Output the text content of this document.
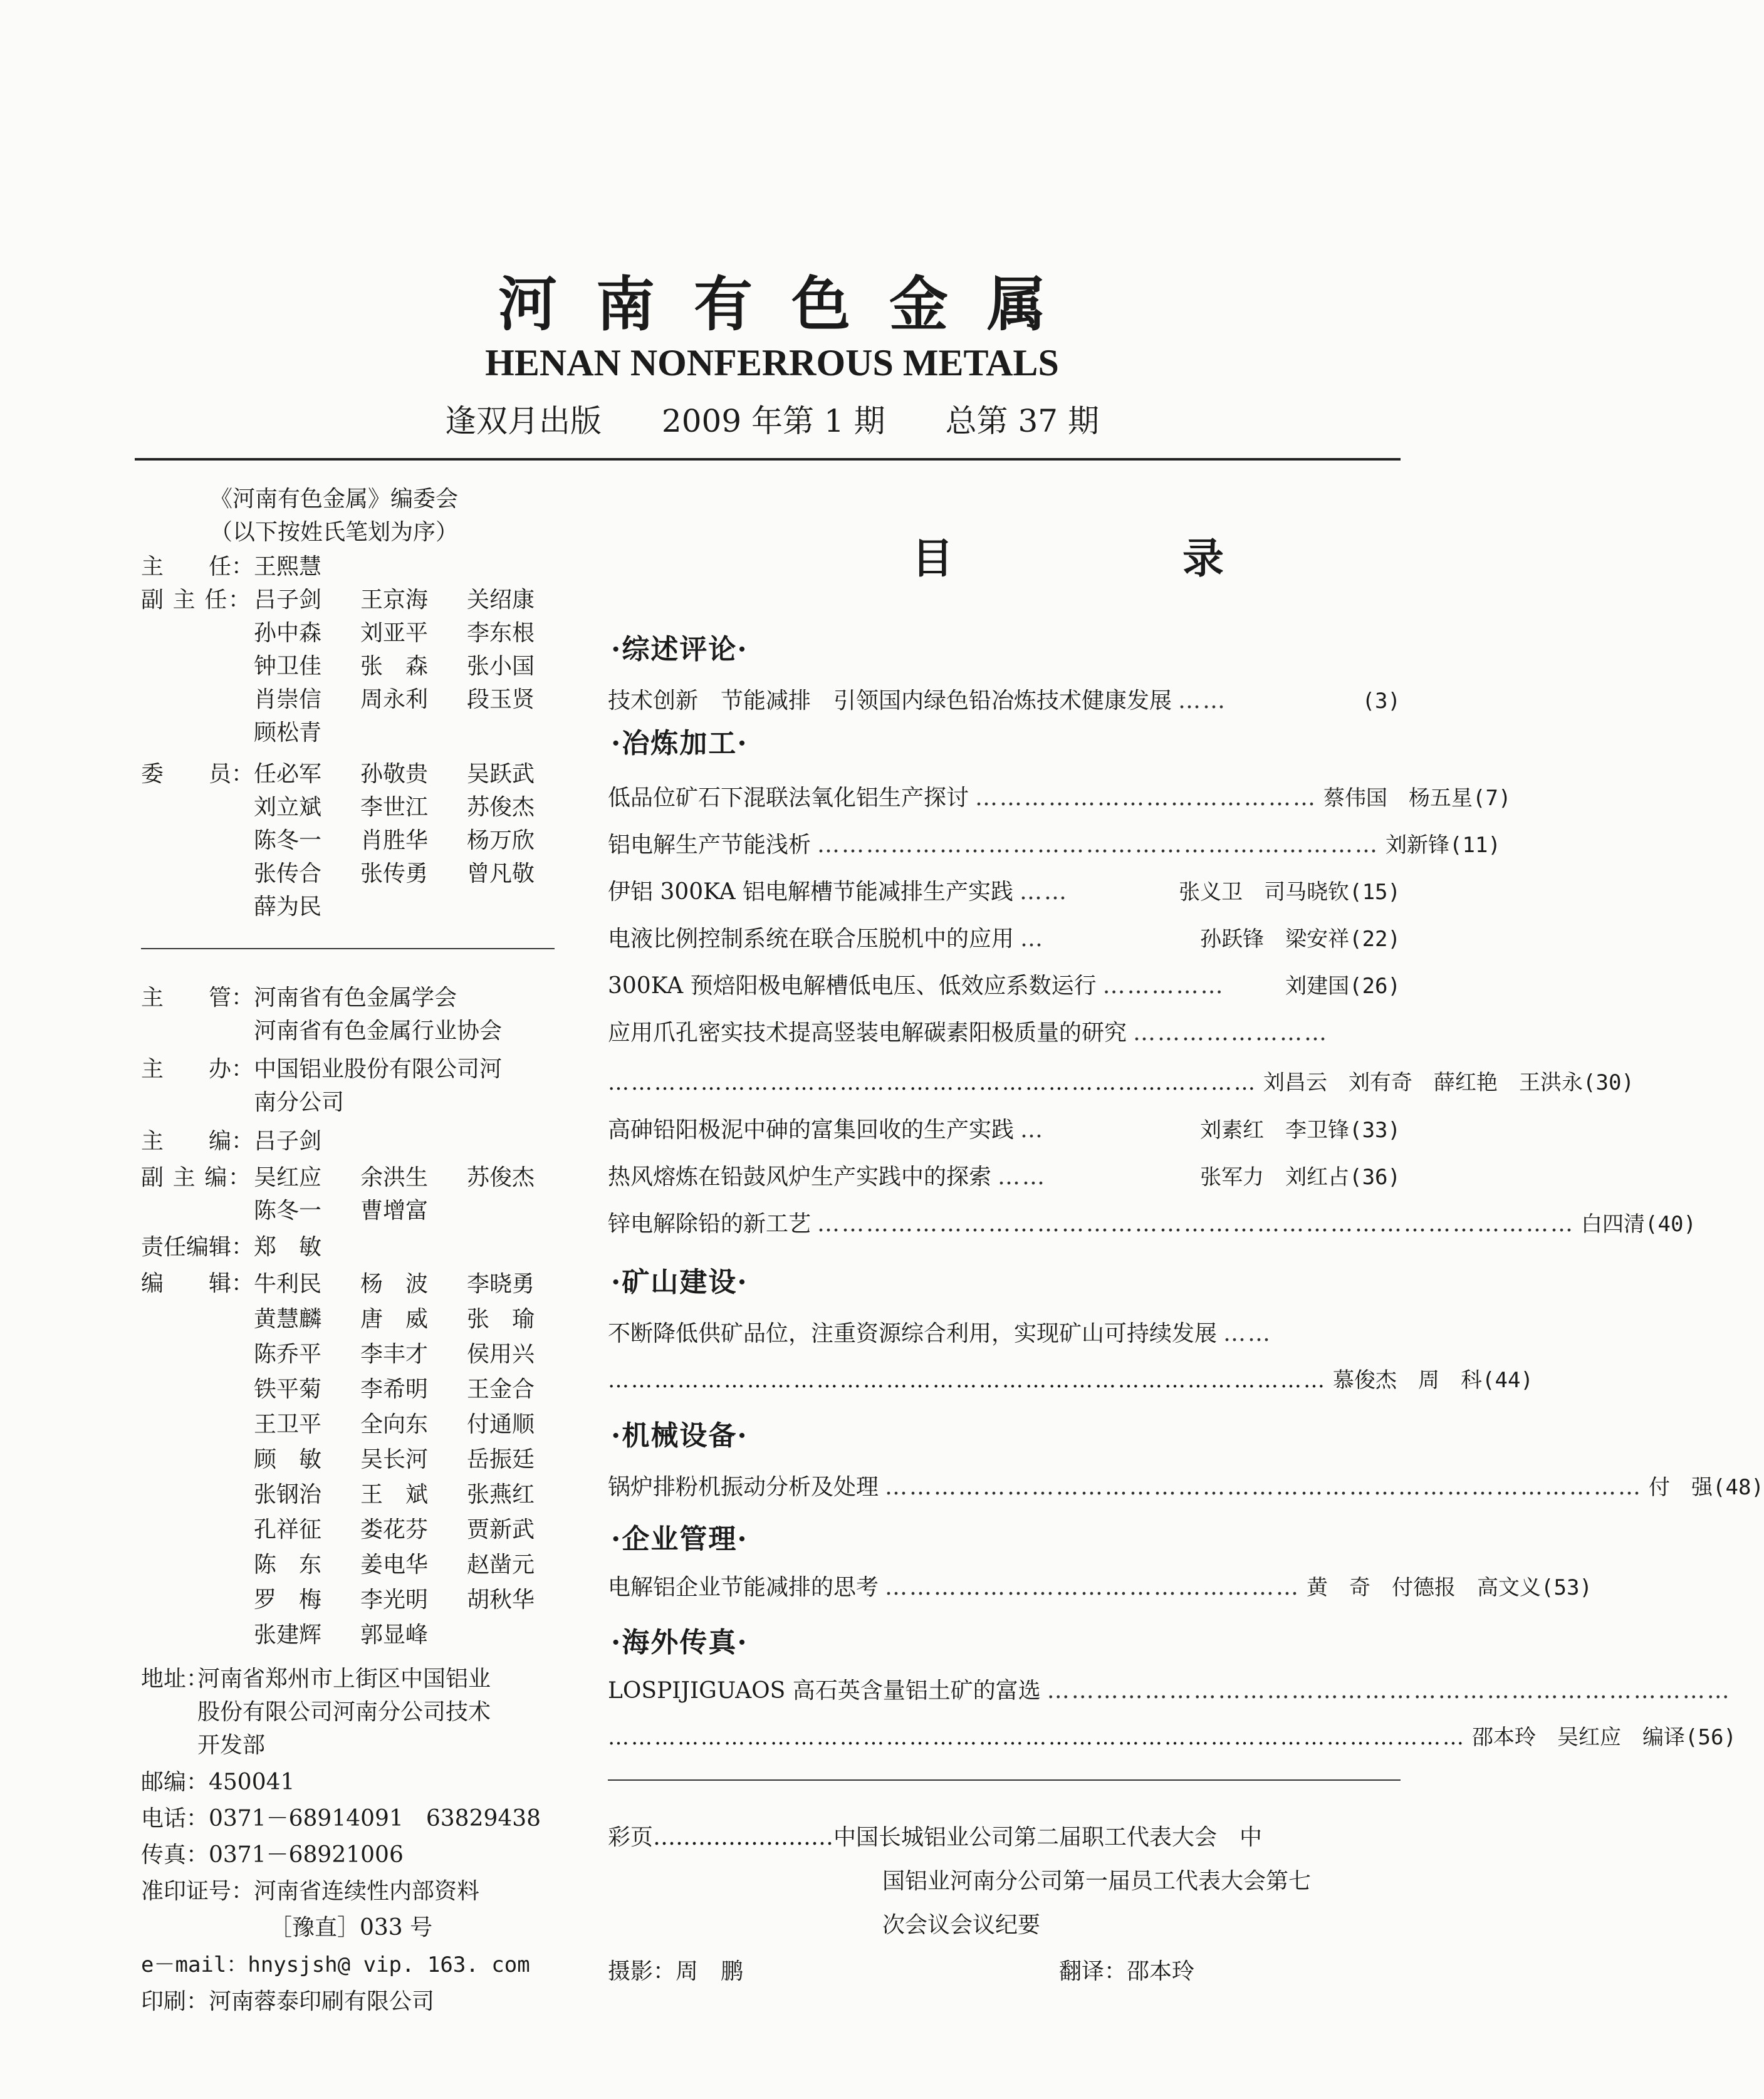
河南有色金属
HENAN NONFERROUS METALS
逢双月出版 2009 年第 1 期 总第 37 期
《河南有色金属》编委会
（以下按姓氏笔划为序）
主　　任： 王熙慧
副 主 任： 吕子剑 王京海 关绍康
孙中森 刘亚平 李东根
钟卫佳 张　森 张小国
肖崇信 周永利 段玉贤
顾松青
委　　员： 任必军 孙敬贵 吴跃武
刘立斌 李世江 苏俊杰
陈冬一 肖胜华 杨万欣
张传合 张传勇 曾凡敬
薛为民
主　　管： 河南省有色金属学会
河南省有色金属行业协会
主　　办： 中国铝业股份有限公司河
南分公司
主　　编： 吕子剑
副 主 编： 吴红应 余洪生 苏俊杰
陈冬一 曹增富
责任编辑： 郑　敏
编　　辑： 牛利民 杨　波 李晓勇
黄慧麟 唐　威 张　瑜
陈乔平 李丰才 侯用兴
铁平菊 李希明 王金合
王卫平 全向东 付通顺
顾　敏 吴长河 岳振廷
张钢治 王　斌 张燕红
孔祥征 娄花芬 贾新武
陈　东 姜电华 赵凿元
罗　梅 李光明 胡秋华
张建辉 郭显峰
地址：
河南省郑州市上街区中国铝业
股份有限公司河南分公司技术
开发部
邮编：450041
电话：0371－68914091　63829438
传真：0371－68921006
准印证号：河南省连续性内部资料
［豫直］033 号
e－mail：hnysjsh@ vip. 163. com
印刷：河南蓉泰印刷有限公司
目　录
·综述评论·
技术创新　节能减排　引领国内绿色铅冶炼技术健康发展 ……	(3)
·冶炼加工·
低品位矿石下混联法氧化铝生产探讨 …………………………………… 蔡伟国　杨五星 (7)
铝电解生产节能浅析 …………………………………………………………… 刘新锋 (11)
伊铝 300KA 铝电解槽节能减排生产实践 ……	张义卫　司马晓钦 (15)
电液比例控制系统在联合压脱机中的应用 …	孙跃锋　梁安祥 (22)
300KA 预焙阳极电解槽低电压、低效应系数运行 ……………	刘建国 (26)
应用爪孔密实技术提高竖装电解碳素阳极质量的研究 ……………………
………………………………………………………………………… 刘昌云　刘有奇　薛红艳　王洪永 (30)
高砷铅阳极泥中砷的富集回收的生产实践 …	刘素红　李卫锋 (33)
热风熔炼在铅鼓风炉生产实践中的探索 ……	张军力　刘红占 (36)
锌电解除铅的新工艺 ………………………………………………………………………………… 白四清 (40)
·矿山建设·
不断降低供矿品位，注重资源综合利用，实现矿山可持续发展 ……
………………………………………………………………………………… 慕俊杰　周　科 (44)
·机械设备·
锅炉排粉机振动分析及处理 ………………………………………………………………………………… 付　强 (48)
·企业管理·
电解铝企业节能减排的思考 …………………………………………… 黄　奇　付德报　高文义 (53)
·海外传真·
LOSPIJIGUAOS 高石英含量铝土矿的富选 …………………………………………………………………………
………………………………………………………………………………………………… 邵本玲　吴红应　编译 (56)
彩页……………………中国长城铝业公司第二届职工代表大会　中
国铝业河南分公司第一届员工代表大会第七
次会议会议纪要
摄影：周　鹏	翻译：邵本玲
